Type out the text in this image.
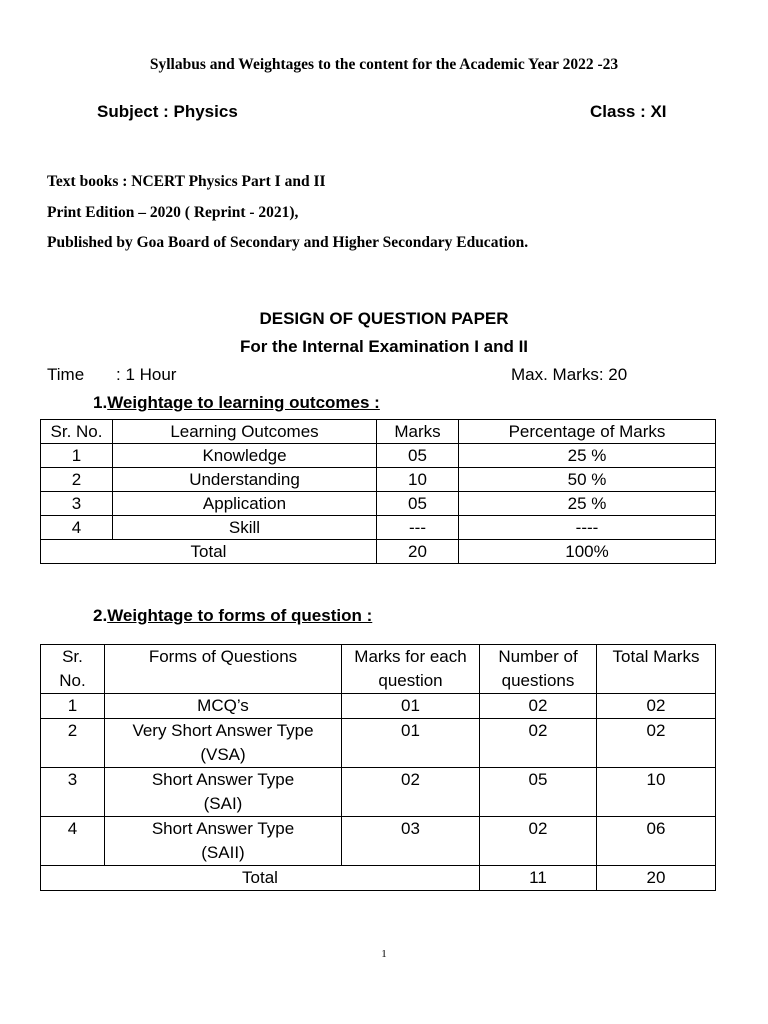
Syllabus and Weightages to the content for the Academic Year 2022 -23
Subject : Physics	Class : XI
Text books : NCERT Physics Part I and II
Print Edition – 2020 ( Reprint - 2021),
Published by Goa Board of Secondary and Higher Secondary Education.
DESIGN OF QUESTION PAPER
For the Internal Examination I and II
Time : 1 Hour	Max. Marks: 20
1.Weightage to learning outcomes :
Sr. No.	Learning Outcomes	Marks	Percentage of Marks
1	Knowledge	05	25 %
2	Understanding	10	50 %
3	Application	05	25 %
4	Skill	---	----
Total		20	100%
2.Weightage to forms of question :
Sr. No.	Forms of Questions	Marks for each question	Number of questions	Total Marks
1	MCQ’s	01	02	02
2	Very Short Answer Type (VSA)	01	02	02
3	Short Answer Type (SAI)	02	05	10
4	Short Answer Type (SAII)	03	02	06
Total			11	20
1
